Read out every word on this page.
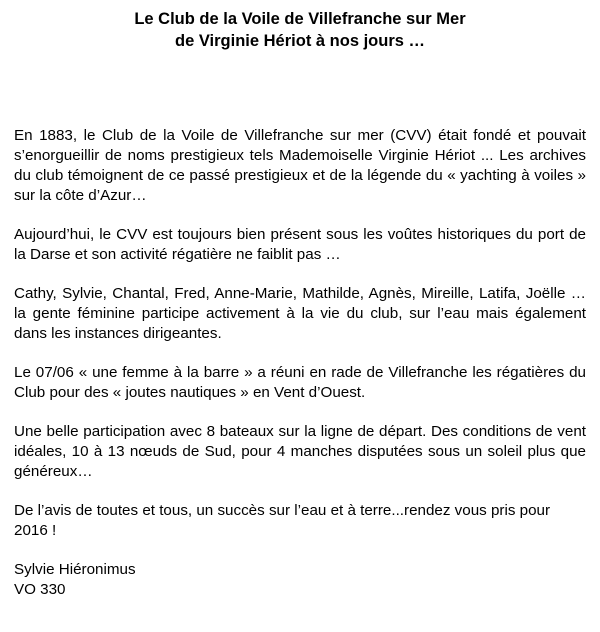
Le Club de la Voile de Villefranche sur Mer
de Virginie Hériot à nos jours …

En 1883, le Club de la Voile de Villefranche sur mer (CVV) était fondé et pouvait s’enorgueillir de noms prestigieux tels Mademoiselle Virginie Hériot ... Les archives du club témoignent de ce passé prestigieux et de la légende du « yachting à voiles » sur la côte d’Azur…

Aujourd’hui, le CVV est toujours bien présent sous les voûtes historiques du port de la Darse et son activité régatière ne faiblit pas …

Cathy, Sylvie, Chantal, Fred, Anne-Marie, Mathilde, Agnès, Mireille, Latifa, Joëlle …la gente féminine participe activement à la vie du club, sur l’eau mais également dans les instances dirigeantes.

Le 07/06 « une femme à la barre » a réuni en rade de Villefranche les régatières du Club pour des « joutes nautiques » en Vent d’Ouest.

Une belle participation avec 8 bateaux sur la ligne de départ. Des conditions de vent idéales, 10 à 13 nœuds de Sud, pour 4 manches disputées sous un soleil plus que généreux…

De l’avis de toutes et tous, un succès sur l’eau et à terre...rendez vous pris pour 2016 !

Sylvie Hiéronimus
VO 330
